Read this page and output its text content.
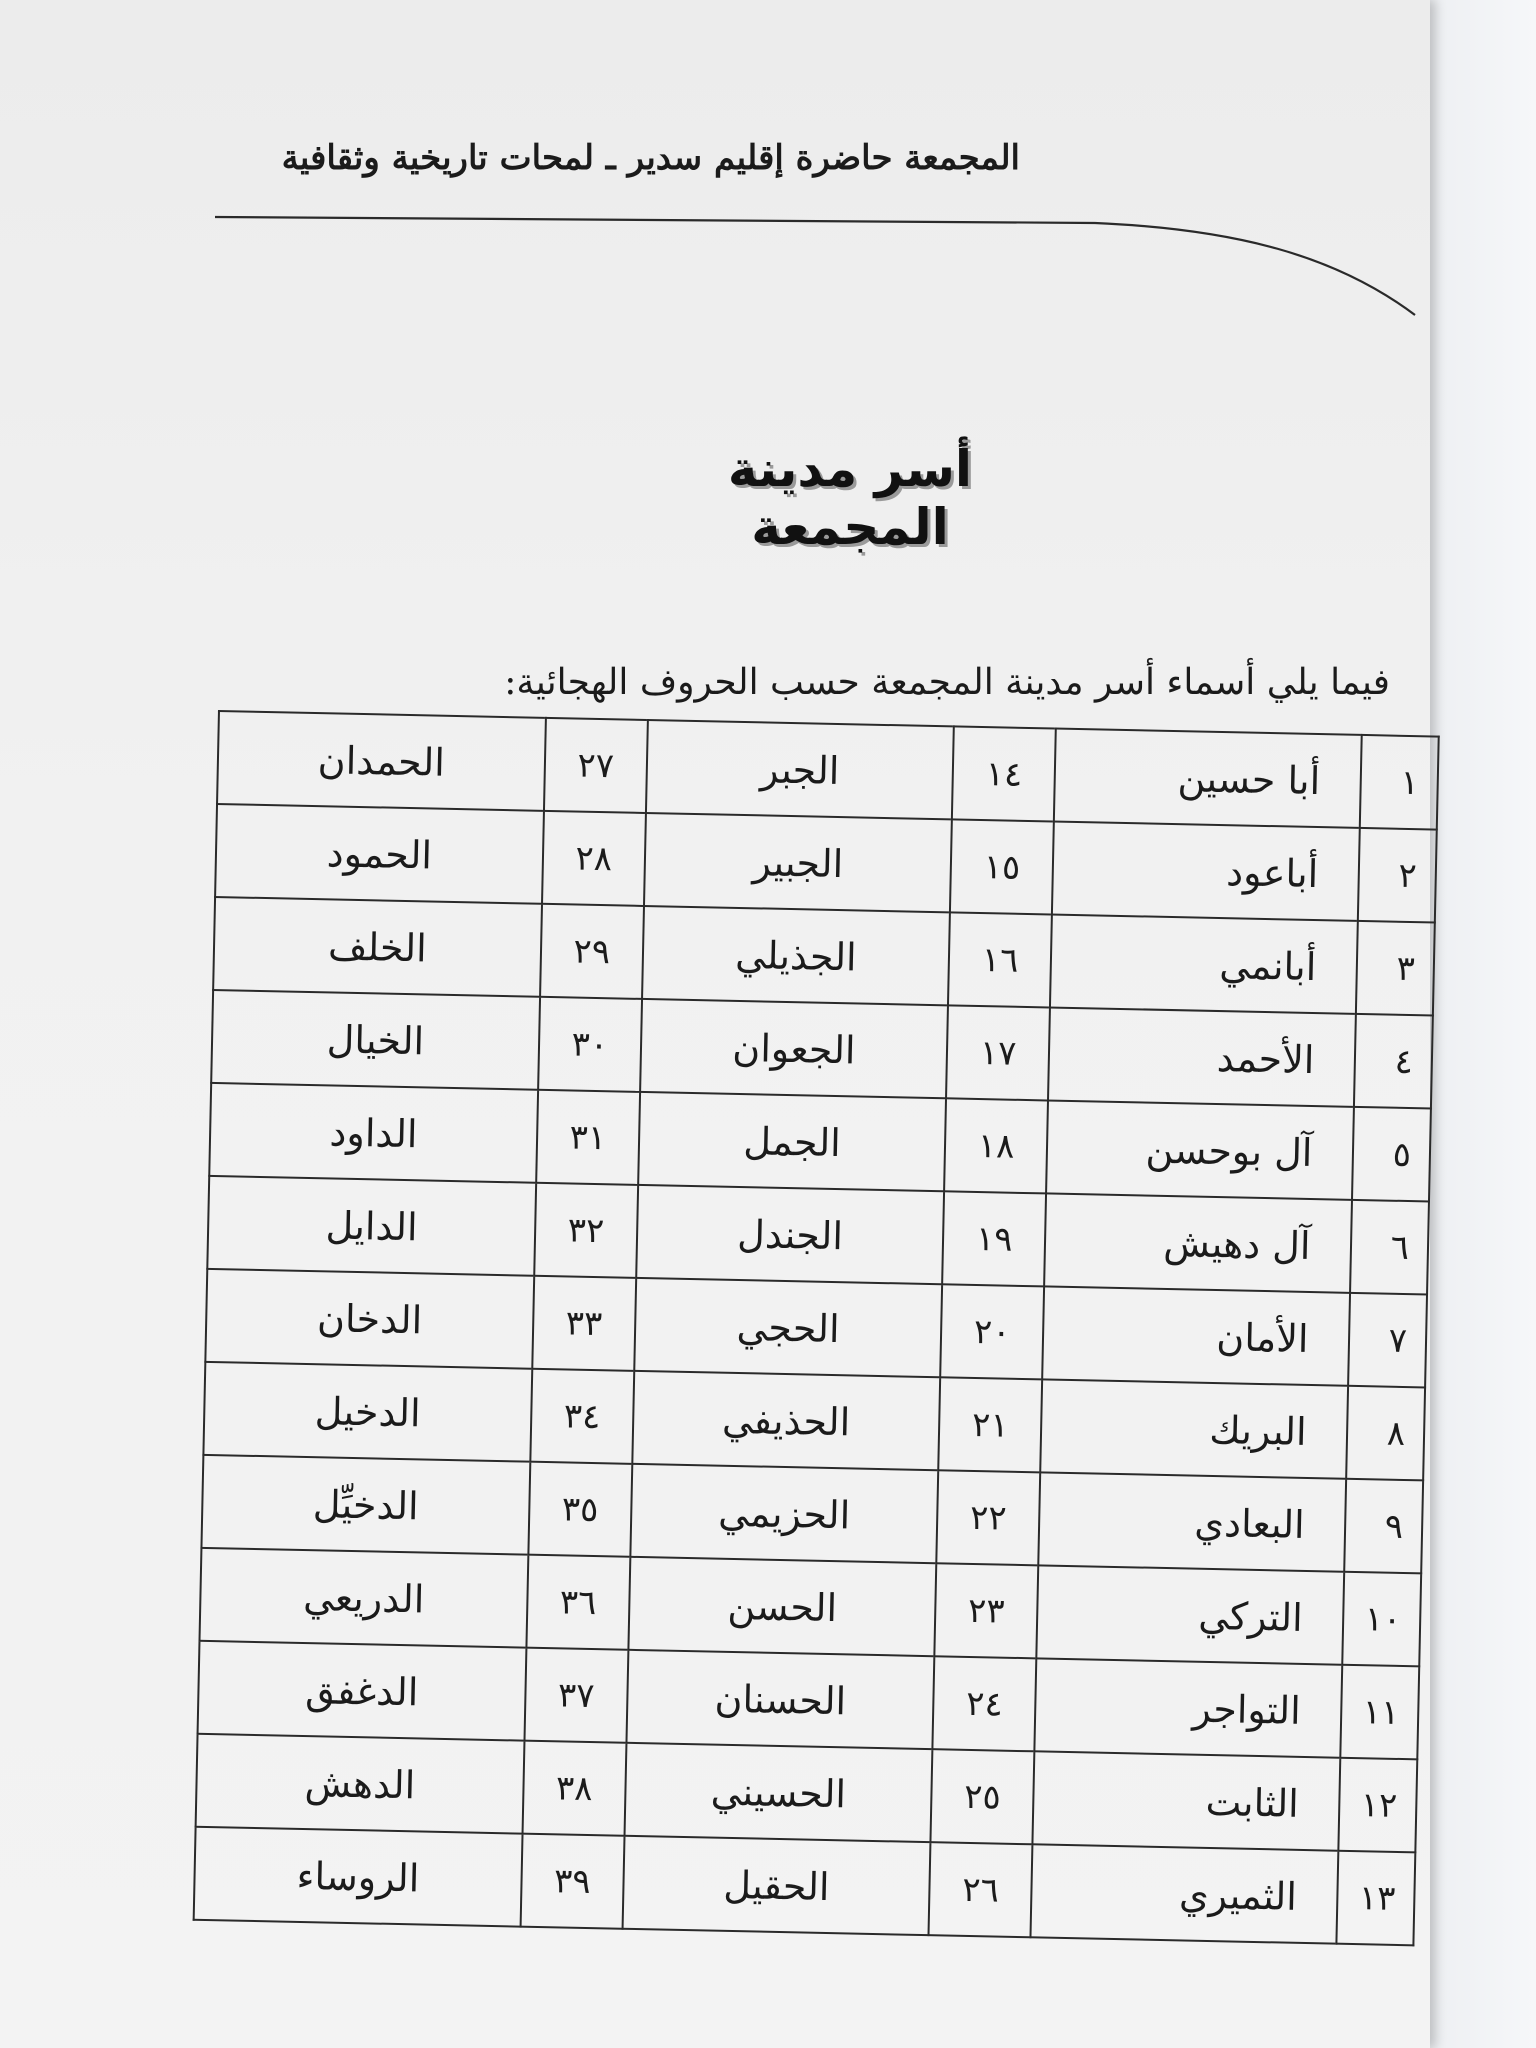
المجمعة حاضرة إقليم سدير ـ لمحات تاريخية وثقافية
أسر مدينة المجمعة
فيما يلي أسماء أسر مدينة المجمعة حسب الحروف الهجائية:
١	أبا حسين	١٤	الجبر	٢٧	الحمدان
٢	أباعود	١٥	الجبير	٢٨	الحمود
٣	أبانمي	١٦	الجذيلي	٢٩	الخلف
٤	الأحمد	١٧	الجعوان	٣٠	الخيال
٥	آل بوحسن	١٨	الجمل	٣١	الداود
٦	آل دهيش	١٩	الجندل	٣٢	الدايل
٧	الأمان	٢٠	الحجي	٣٣	الدخان
٨	البريك	٢١	الحذيفي	٣٤	الدخيل
٩	البعادي	٢٢	الحزيمي	٣٥	الدخيِّل
١٠	التركي	٢٣	الحسن	٣٦	الدريعي
١١	التواجر	٢٤	الحسنان	٣٧	الدغفق
١٢	الثابت	٢٥	الحسيني	٣٨	الدهش
١٣	الثميري	٢٦	الحقيل	٣٩	الروساء
